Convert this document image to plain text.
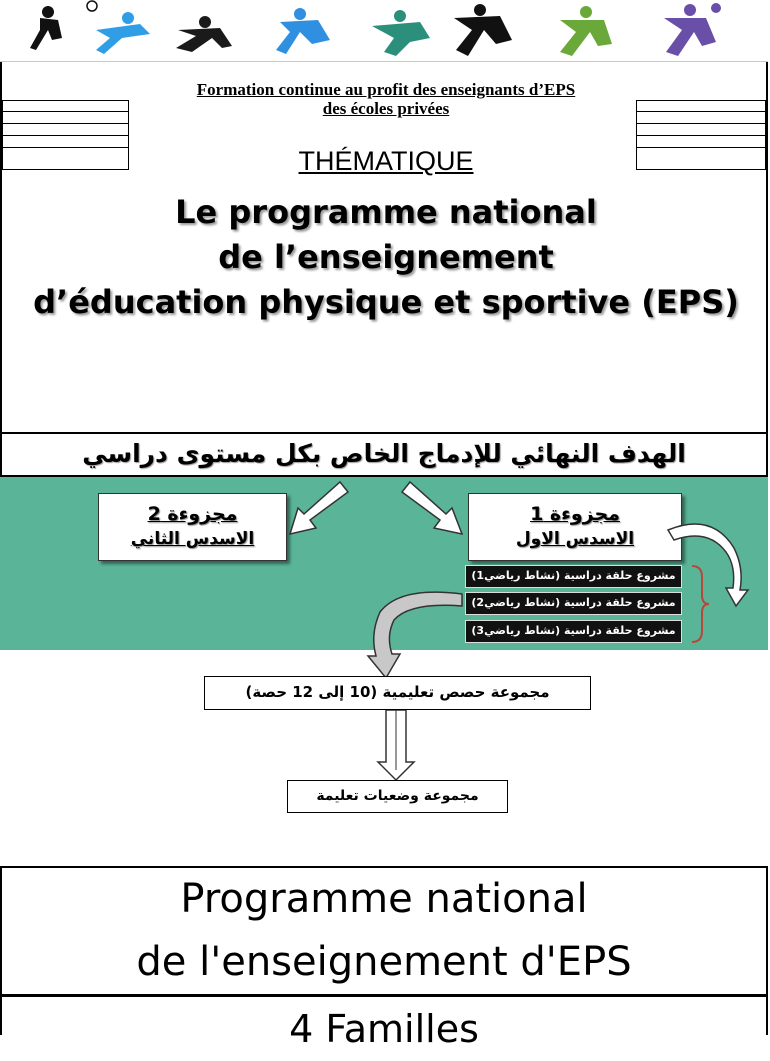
Formation continue au profit des enseignants d’EPS
des écoles privées
THÉMATIQUE
Le programme national
de l’enseignement
d’éducation physique et sportive (EPS)
الهدف النهائي للإدماج الخاص بكل مستوى دراسي
مجزوءة 2
الاسدس الثاني
مجزوءة 1
الاسدس الاول
مشروع حلقة دراسية (نشاط رياضي1)
مشروع حلقة دراسية (نشاط رياضي2)
مشروع حلقة دراسية (نشاط رياضي3)
مجموعة حصص تعليمية (10 إلى 12 حصة)
مجموعة وضعيات تعليمة
Programme national
de l'enseignement d'EPS
4 Familles
